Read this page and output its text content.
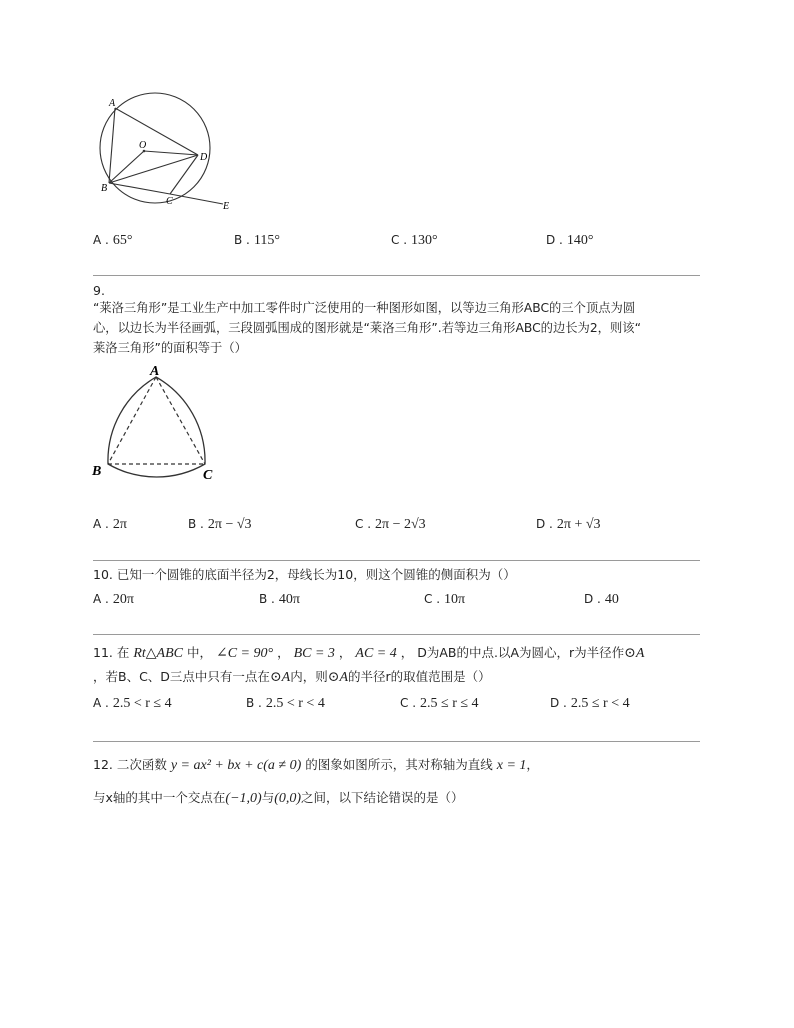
A
O
D
B
C	E
A . 65°	B . 115°	C . 130°	D . 140°
9.
“莱洛三角形”是工业生产中加工零件时广泛使用的一种图形如图，以等边三角形ABC的三个顶点为圆
心，以边长为半径画弧，三段圆弧围成的图形就是“莱洛三角形”.若等边三角形ABC的边长为2，则该“
莱洛三角形”的面积等于（）
A
B	C
A . 2π	B . 2π − √3	C . 2π − 2√3	D . 2π + √3
10. 已知一个圆锥的底面半径为2，母线长为10，则这个圆锥的侧面积为（）
A . 20π	B . 40π	C . 10π	D . 40
11. 在 Rt△ABC 中， ∠C = 90° ， BC = 3 ， AC = 4 ， D为AB的中点.以A为圆心，r为半径作⊙A
，若B、C、D三点中只有一点在⊙A内，则⊙A的半径r的取值范围是（）
A . 2.5 < r ≤ 4	B . 2.5 < r < 4	C . 2.5 ≤ r ≤ 4	D . 2.5 ≤ r < 4
12. 二次函数 y = ax² + bx + c(a ≠ 0) 的图象如图所示，其对称轴为直线 x = 1，
与x轴的其中一个交点在(−1,0)与(0,0)之间，以下结论错误的是（）
